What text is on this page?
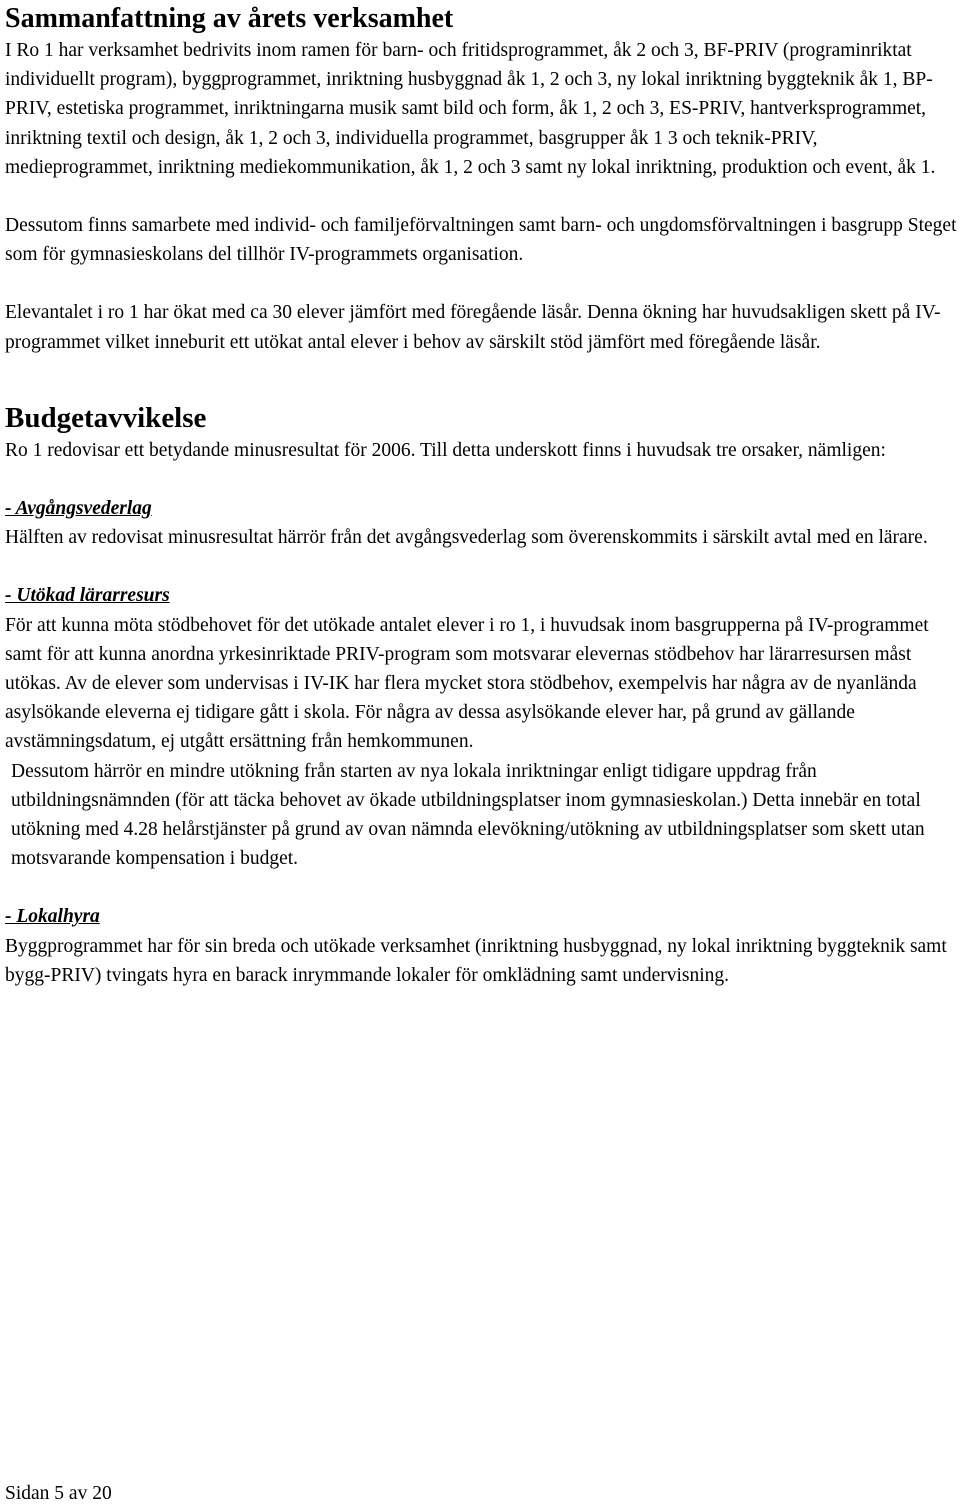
Sammanfattning av årets verksamhet

I Ro 1 har verksamhet bedrivits inom ramen för barn- och fritidsprogrammet, åk 2 och 3, BF-PRIV (programinriktat individuellt program), byggprogrammet, inriktning husbyggnad åk 1, 2 och 3, ny lokal inriktning byggteknik åk 1, BP-PRIV, estetiska programmet, inriktningarna musik samt bild och form, åk 1, 2 och 3, ES-PRIV, hantverksprogrammet, inriktning textil och design, åk 1, 2 och 3, individuella programmet, basgrupper åk 1 3 och teknik-PRIV, medieprogrammet, inriktning mediekommunikation, åk 1, 2 och 3 samt ny lokal inriktning, produktion och event, åk 1.

Dessutom finns samarbete med individ- och familjeförvaltningen samt barn- och ungdomsförvaltningen i basgrupp Steget som för gymnasieskolans del tillhör IV-programmets organisation.

Elevantalet i ro 1 har ökat med ca 30 elever jämfört med föregående läsår. Denna ökning har huvudsakligen skett på IV-programmet vilket inneburit ett utökat antal elever i behov av särskilt stöd jämfört med föregående läsår.

Budgetavvikelse

Ro 1 redovisar ett betydande minusresultat för 2006. Till detta underskott finns i huvudsak tre orsaker, nämligen:

- Avgångsvederlag

Hälften av redovisat minusresultat härrör från det avgångsvederlag som överenskommits i särskilt avtal med en lärare.

- Utökad lärarresurs

För att kunna möta stödbehovet för det utökade antalet elever i ro 1, i huvudsak inom basgrupperna på IV-programmet samt för att kunna anordna yrkesinriktade PRIV-program som motsvarar elevernas stödbehov har lärarresursen måst utökas. Av de elever som undervisas i IV-IK har flera mycket stora stödbehov, exempelvis har några av de nyanlända asylsökande eleverna ej tidigare gått i skola. För några av dessa asylsökande elever har, på grund av gällande avstämningsdatum, ej utgått ersättning från hemkommunen.

Dessutom härrör en mindre utökning från starten av nya lokala inriktningar enligt tidigare uppdrag från utbildningsnämnden (för att täcka behovet av ökade utbildningsplatser inom gymnasieskolan.) Detta innebär en total utökning med 4.28 helårstjänster på grund av ovan nämnda elevökning/utökning av utbildningsplatser som skett utan motsvarande kompensation i budget.

- Lokalhyra

Byggprogrammet har för sin breda och utökade verksamhet (inriktning husbyggnad, ny lokal inriktning byggteknik samt bygg-PRIV) tvingats hyra en barack inrymmande lokaler för omklädning samt undervisning.

Sidan 5 av 20
